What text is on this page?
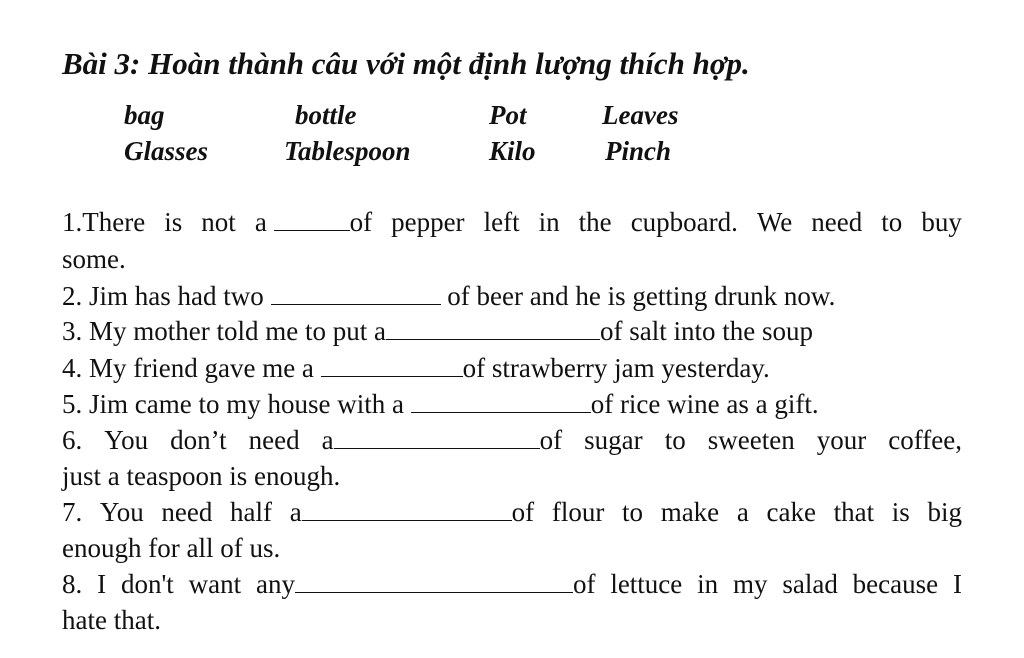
Bài 3: Hoàn thành câu với một định lượng thích hợp.
bag	bottle	Pot	Leaves
Glasses	Tablespoon	Kilo	Pinch
1.There is not a	of pepper left in the cupboard. We need to buy
some.
2. Jim has had two	of beer and he is getting drunk now.
3. My mother told me to put a	of salt into the soup
4. My friend gave me a	of strawberry jam yesterday.
5. Jim came to my house with a	of rice wine as a gift.
6. You don’t need a	of sugar to sweeten your coffee,
just a teaspoon is enough.
7. You need half a	of flour to make a cake that is big
enough for all of us.
8. I don't want any	of lettuce in my salad because I
hate that.
